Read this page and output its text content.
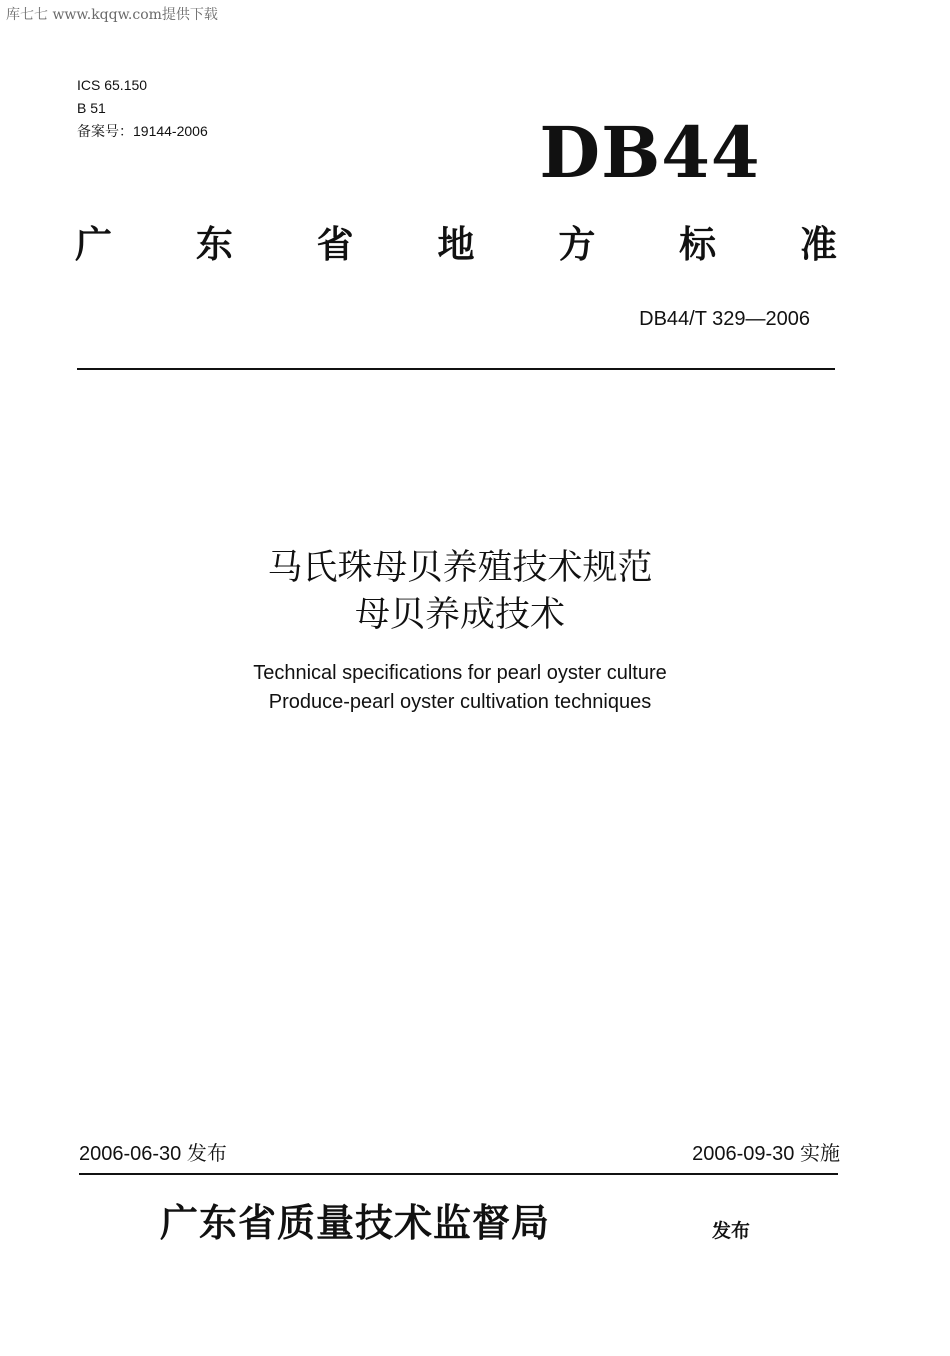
库七七 www.kqqw.com提供下载
ICS 65.150
B 51
备案号：19144-2006	DB44
广 东 省 地 方 标 准
DB44/T 329—2006
马氏珠母贝养殖技术规范
母贝养成技术
Technical specifications for pearl oyster culture
Produce-pearl oyster cultivation techniques
2006-06-30 发布	2006-09-30 实施
广东省质量技术监督局	发布
